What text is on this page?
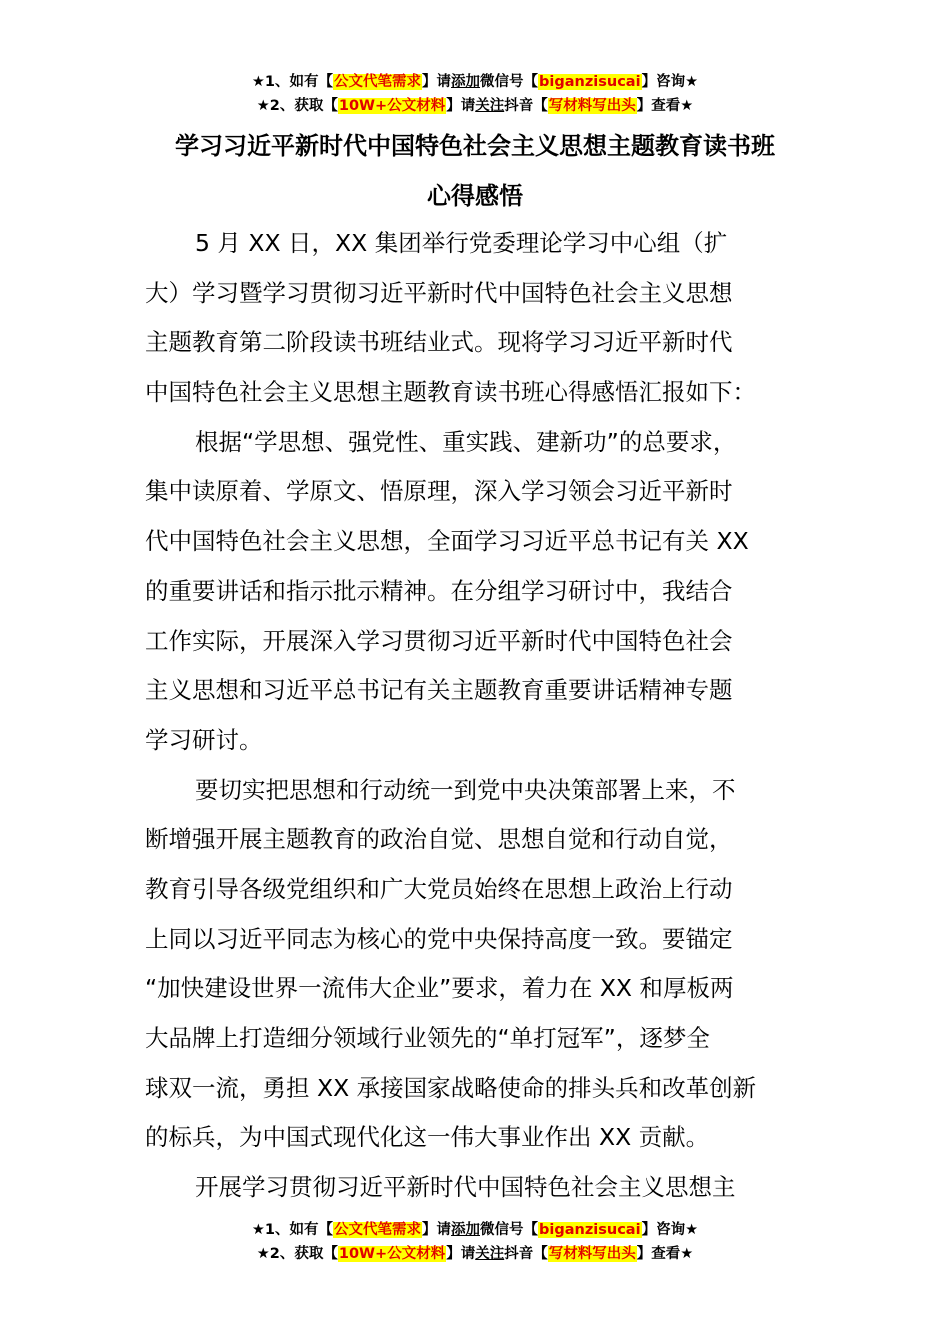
★1、如有【公文代笔需求】请添加微信号【biganzisucai】咨询★
★2、获取【10W+公文材料】请关注抖音【写材料写出头】查看★
学习习近平新时代中国特色社会主义思想主题教育读书班
心得感悟
5 月 XX 日，XX 集团举行党委理论学习中心组（扩
大）学习暨学习贯彻习近平新时代中国特色社会主义思想
主题教育第二阶段读书班结业式。现将学习习近平新时代
中国特色社会主义思想主题教育读书班心得感悟汇报如下：
根据“学思想、强党性、重实践、建新功”的总要求，
集中读原着、学原文、悟原理，深入学习领会习近平新时
代中国特色社会主义思想，全面学习习近平总书记有关 XX
的重要讲话和指示批示精神。在分组学习研讨中，我结合
工作实际，开展深入学习贯彻习近平新时代中国特色社会
主义思想和习近平总书记有关主题教育重要讲话精神专题
学习研讨。
要切实把思想和行动统一到党中央决策部署上来，不
断增强开展主题教育的政治自觉、思想自觉和行动自觉，
教育引导各级党组织和广大党员始终在思想上政治上行动
上同以习近平同志为核心的党中央保持高度一致。要锚定
“加快建设世界一流伟大企业”要求，着力在 XX 和厚板两
大品牌上打造细分领域行业领先的“单打冠军”，逐梦全
球双一流，勇担 XX 承接国家战略使命的排头兵和改革创新
的标兵，为中国式现代化这一伟大事业作出 XX 贡献。
开展学习贯彻习近平新时代中国特色社会主义思想主
★1、如有【公文代笔需求】请添加微信号【biganzisucai】咨询★
★2、获取【10W+公文材料】请关注抖音【写材料写出头】查看★
